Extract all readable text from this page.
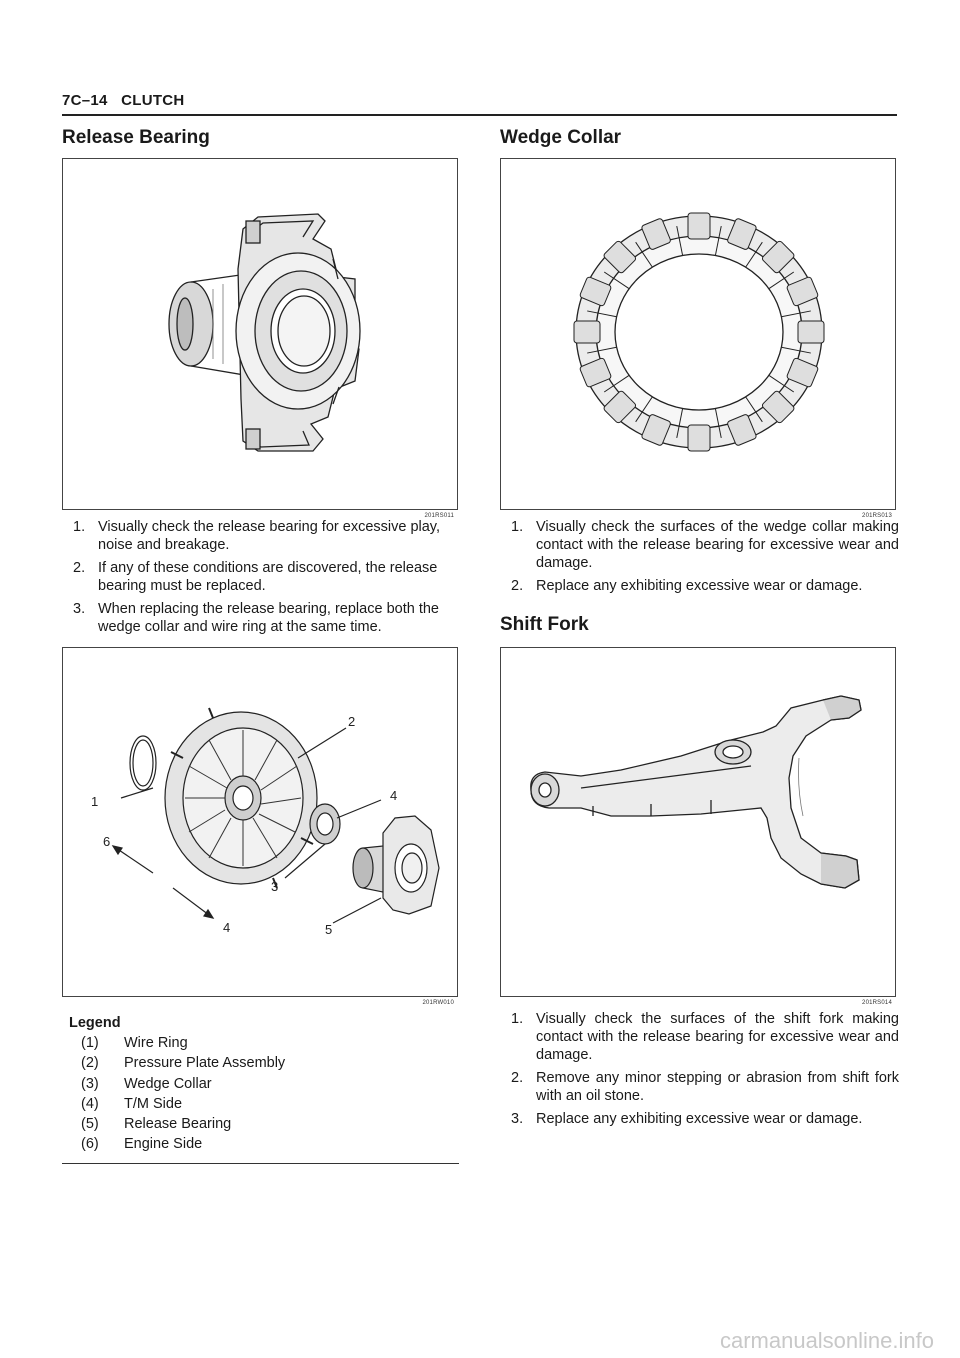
7C–14 CLUTCH
Release Bearing
201RS011
1. Visually check the release bearing for excessive play, noise and breakage.
2. If any of these conditions are discovered, the release bearing must be replaced.
3. When replacing the release bearing, replace both the wedge collar and wire ring at the same time.
1
2
3
4
4	5
6
201RW010
Legend
(1) Wire Ring
(2) Pressure Plate Assembly
(3) Wedge Collar
(4) T/M Side
(5) Release Bearing
(6) Engine Side
Wedge Collar
201RS013
1. Visually check the surfaces of the wedge collar making contact with the release bearing for excessive wear and damage.
2. Replace any exhibiting excessive wear or damage.
Shift Fork
201RS014
1. Visually check the surfaces of the shift fork making contact with the release bearing for excessive wear and damage.
2. Remove any minor stepping or abrasion from shift fork with an oil stone.
3. Replace any exhibiting excessive wear or damage.
carmanualsonline.info
